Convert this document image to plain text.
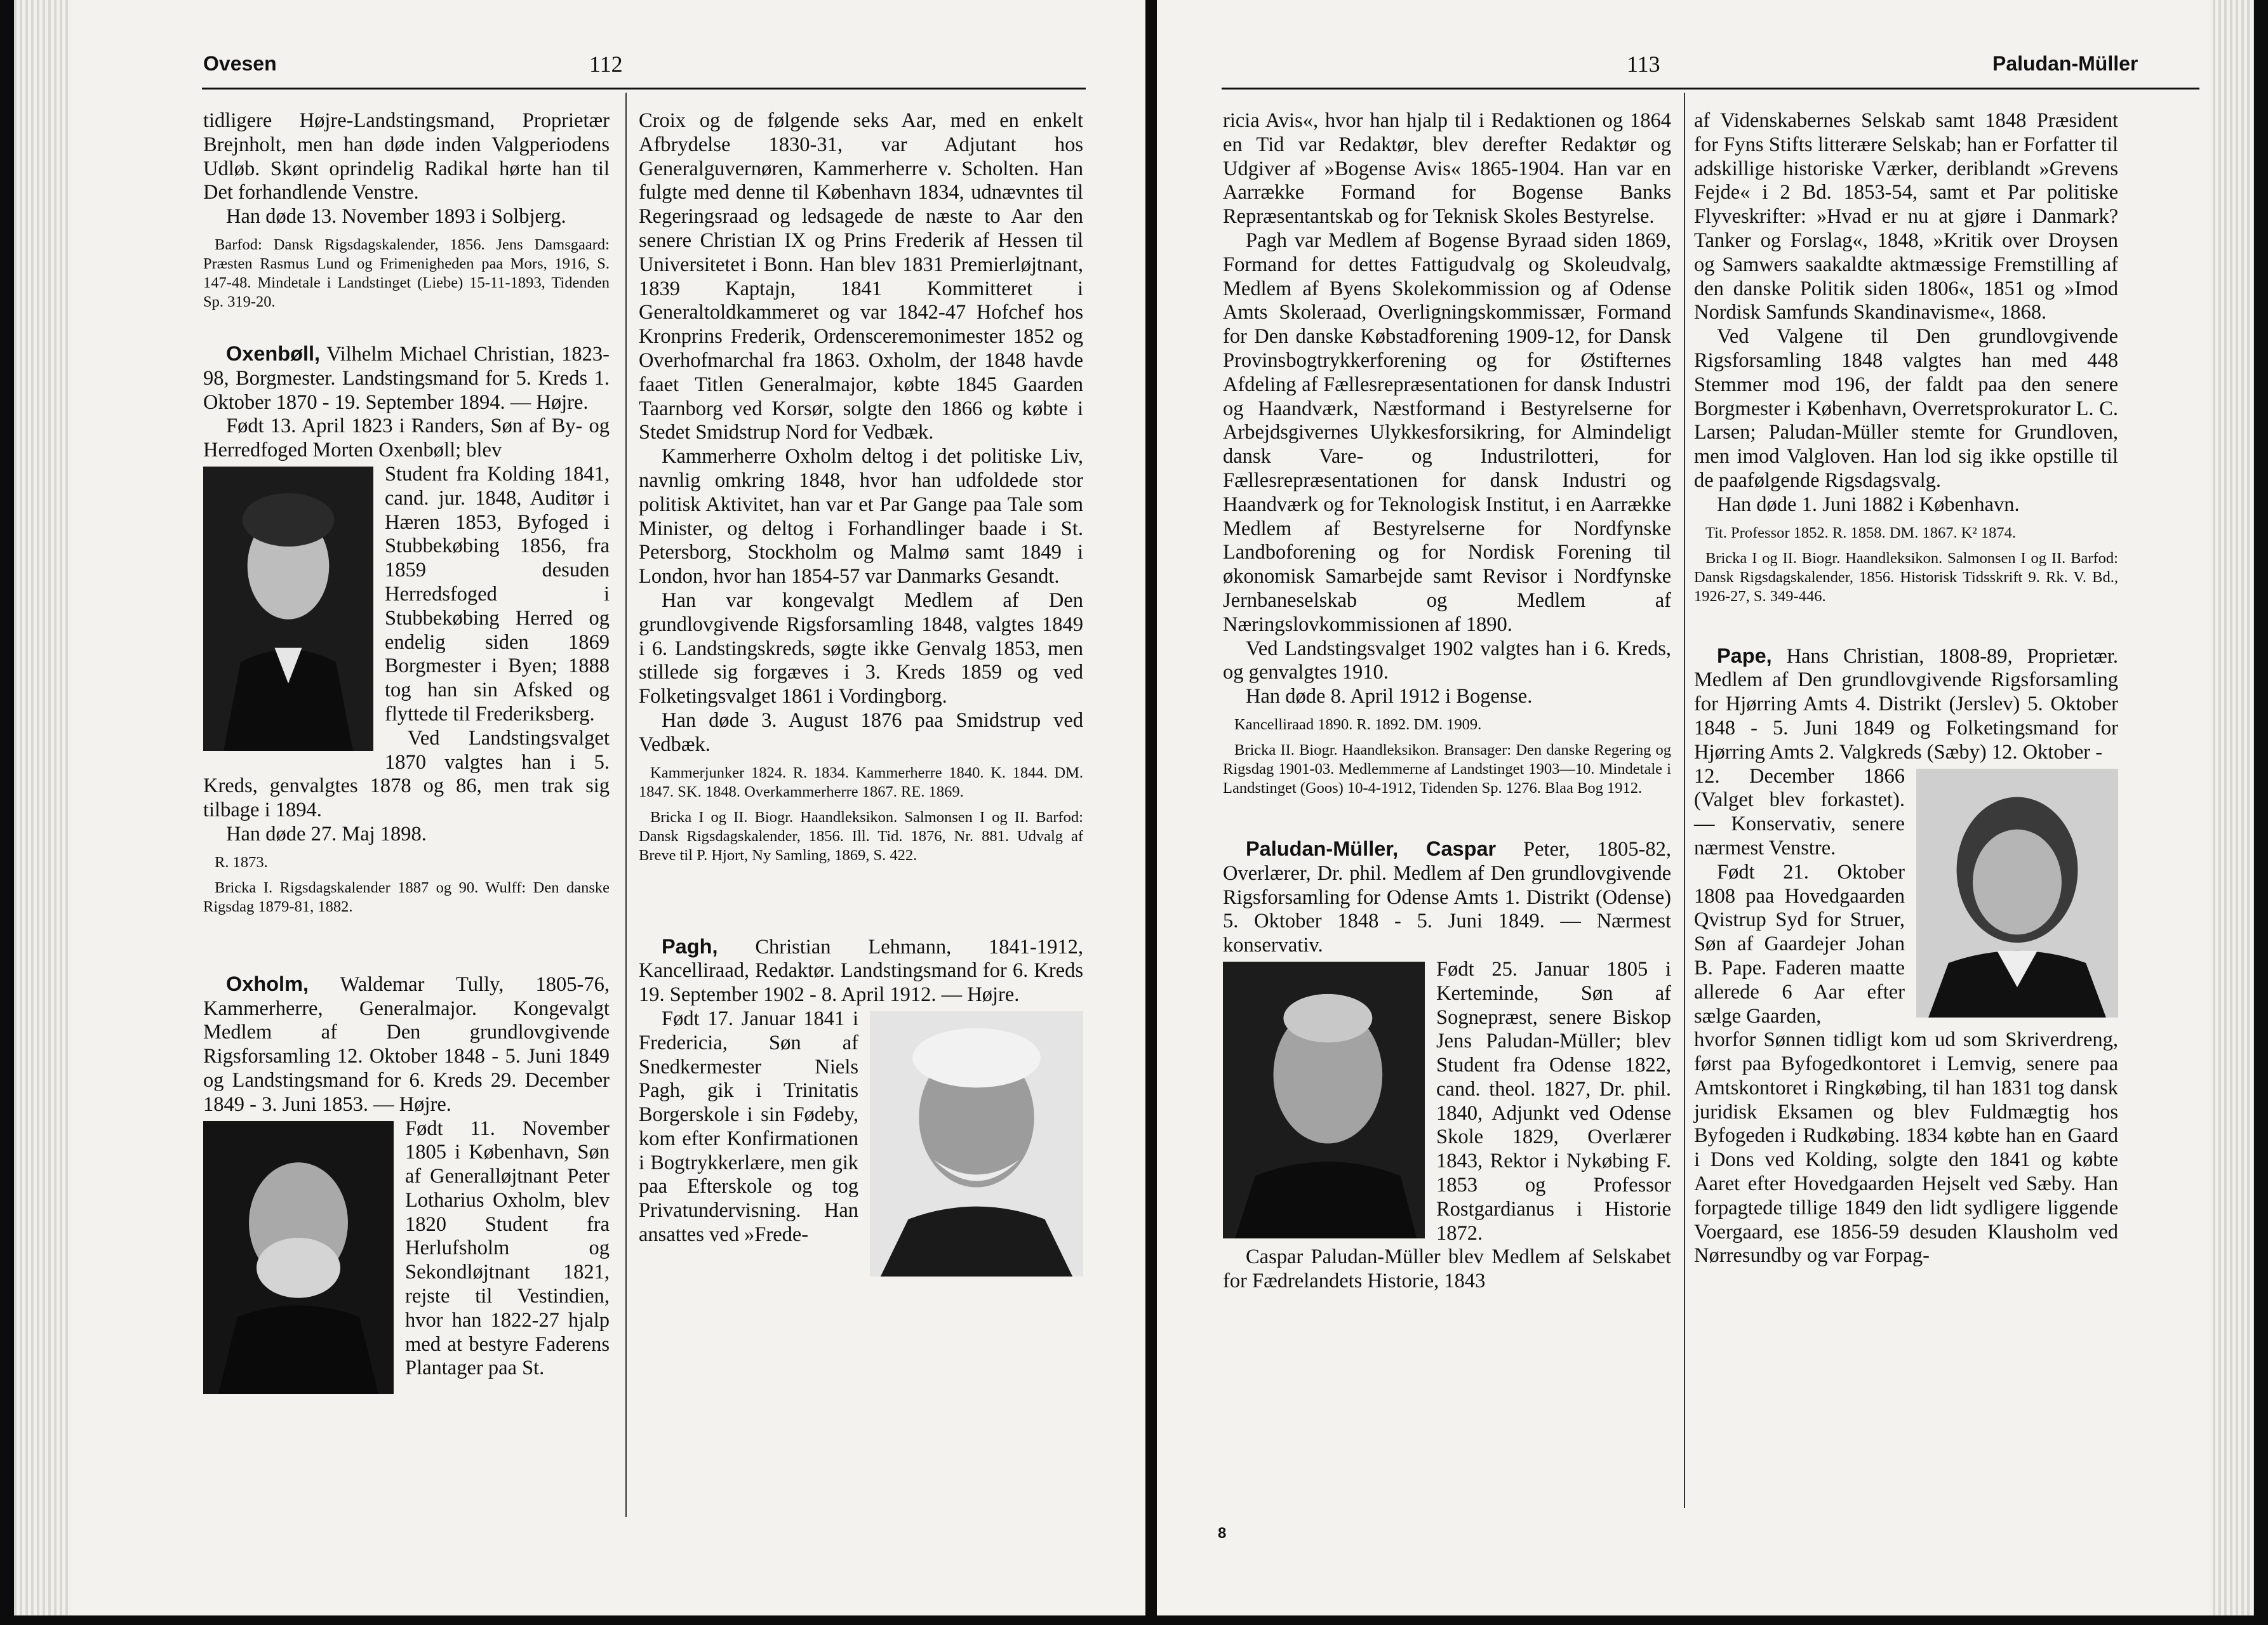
Ovesen	112

tidligere Højre-Landstingsmand, Proprietær Brejnholt, men han døde inden Valgperiodens Udløb. Skønt oprindelig Radikal hørte han til Det forhandlende Venstre.

Han døde 13. November 1893 i Solbjerg.

Barfod: Dansk Rigsdagskalender, 1856. Jens Damsgaard: Præsten Rasmus Lund og Frimenigheden paa Mors, 1916, S. 147-48. Mindetale i Landstinget (Liebe) 15-11-1893, Tidenden Sp. 319-20.

Oxenbøll, Vilhelm Michael Christian, 1823-98, Borgmester. Landstingsmand for 5. Kreds 1. Oktober 1870 - 19. September 1894. — Højre.

Født 13. April 1823 i Randers, Søn af By- og Herredfoged Morten Oxenbøll; blev

Student fra Kolding 1841, cand. jur. 1848, Auditør i Hæren 1853, Byfoged i Stubbekøbing 1856, fra 1859 desuden Herredsfoged i Stubbekøbing Herred og endelig siden 1869 Borgmester i Byen; 1888 tog han sin Afsked og flyttede til Frederiksberg.

Ved Landstingsvalget 1870 valgtes han i 5. Kreds, genvalgtes 1878 og 86, men trak sig tilbage i 1894.

Han døde 27. Maj 1898.

R. 1873.

Bricka I. Rigsdagskalender 1887 og 90. Wulff: Den danske Rigsdag 1879-81, 1882.

Oxholm, Waldemar Tully, 1805-76, Kammerherre, Generalmajor. Kongevalgt Medlem af Den grundlovgivende Rigsforsamling 12. Oktober 1848 - 5. Juni 1849 og Landstingsmand for 6. Kreds 29. December 1849 - 3. Juni 1853. — Højre.

Født 11. November 1805 i København, Søn af Generalløjtnant Peter Lotharius Oxholm, blev 1820 Student fra Herlufsholm og Sekondløjtnant 1821, rejste til Vestindien, hvor han 1822-27 hjalp med at bestyre Faderens Plantager paa St.

Croix og de følgende seks Aar, med en enkelt Afbrydelse 1830-31, var Adjutant hos Generalguvernøren, Kammerherre v. Scholten. Han fulgte med denne til København 1834, udnævntes til Regeringsraad og ledsagede de næste to Aar den senere Christian IX og Prins Frederik af Hessen til Universitetet i Bonn. Han blev 1831 Premierløjtnant, 1839 Kaptajn, 1841 Kommitteret i Generaltoldkammeret og var 1842-47 Hofchef hos Kronprins Frederik, Ordensceremonimester 1852 og Overhofmarchal fra 1863. Oxholm, der 1848 havde faaet Titlen Generalmajor, købte 1845 Gaarden Taarnborg ved Korsør, solgte den 1866 og købte i Stedet Smidstrup Nord for Vedbæk.

Kammerherre Oxholm deltog i det politiske Liv, navnlig omkring 1848, hvor han udfoldede stor politisk Aktivitet, han var et Par Gange paa Tale som Minister, og deltog i Forhandlinger baade i St. Petersborg, Stockholm og Malmø samt 1849 i London, hvor han 1854-57 var Danmarks Gesandt.

Han var kongevalgt Medlem af Den grundlovgivende Rigsforsamling 1848, valgtes 1849 i 6. Landstingskreds, søgte ikke Genvalg 1853, men stillede sig forgæves i 3. Kreds 1859 og ved Folketingsvalget 1861 i Vordingborg.

Han døde 3. August 1876 paa Smidstrup ved Vedbæk.

Kammerjunker 1824. R. 1834. Kammerherre 1840. K. 1844. DM. 1847. SK. 1848. Overkammerherre 1867. RE. 1869.

Bricka I og II. Biogr. Haandleksikon. Salmonsen I og II. Barfod: Dansk Rigsdagskalender, 1856. Ill. Tid. 1876, Nr. 881. Udvalg af Breve til P. Hjort, Ny Samling, 1869, S. 422.

Pagh, Christian Lehmann, 1841-1912, Kancelliraad, Redaktør. Landstingsmand for 6. Kreds 19. September 1902 - 8. April 1912. — Højre.

Født 17. Januar 1841 i Fredericia, Søn af Snedkermester Niels Pagh, gik i Trinitatis Borgerskole i sin Fødeby, kom efter Konfirmationen i Bogtrykkerlære, men gik paa Efterskole og tog Privatundervisning. Han ansattes ved »Frede-

113	Paludan-Müller

ricia Avis«, hvor han hjalp til i Redaktionen og 1864 en Tid var Redaktør, blev derefter Redaktør og Udgiver af »Bogense Avis« 1865-1904. Han var en Aarrække Formand for Bogense Banks Repræsentantskab og for Teknisk Skoles Bestyrelse.

Pagh var Medlem af Bogense Byraad siden 1869, Formand for dettes Fattigudvalg og Skoleudvalg, Medlem af Byens Skolekommission og af Odense Amts Skoleraad, Overligningskommissær, Formand for Den danske Købstadforening 1909-12, for Dansk Provinsbogtrykkerforening og for Østifternes Afdeling af Fællesrepræsentationen for dansk Industri og Haandværk, Næstformand i Bestyrelserne for Arbejdsgivernes Ulykkesforsikring, for Almindeligt dansk Vare- og Industrilotteri, for Fællesrepræsentationen for dansk Industri og Haandværk og for Teknologisk Institut, i en Aarrække Medlem af Bestyrelserne for Nordfynske Landboforening og for Nordisk Forening til økonomisk Samarbejde samt Revisor i Nordfynske Jernbaneselskab og Medlem af Næringslovkommissionen af 1890.

Ved Landstingsvalget 1902 valgtes han i 6. Kreds, og genvalgtes 1910.

Han døde 8. April 1912 i Bogense.

Kancelliraad 1890. R. 1892. DM. 1909.

Bricka II. Biogr. Haandleksikon. Bransager: Den danske Regering og Rigsdag 1901-03. Medlemmerne af Landstinget 1903—10. Mindetale i Landstinget (Goos) 10-4-1912, Tidenden Sp. 1276. Blaa Bog 1912.

Paludan-Müller, Caspar Peter, 1805-82, Overlærer, Dr. phil. Medlem af Den grundlovgivende Rigsforsamling for Odense Amts 1. Distrikt (Odense) 5. Oktober 1848 - 5. Juni 1849. — Nærmest konservativ.

Født 25. Januar 1805 i Kerteminde, Søn af Sognepræst, senere Biskop Jens Paludan-Müller; blev Student fra Odense 1822, cand. theol. 1827, Dr. phil. 1840, Adjunkt ved Odense Skole 1829, Overlærer 1843, Rektor i Nykøbing F. 1853 og Professor Rostgardianus i Historie 1872.

Caspar Paludan-Müller blev Medlem af Selskabet for Fædrelandets Historie, 1843

af Videnskabernes Selskab samt 1848 Præsident for Fyns Stifts litterære Selskab; han er Forfatter til adskillige historiske Værker, deriblandt »Grevens Fejde« i 2 Bd. 1853-54, samt et Par politiske Flyveskrifter: »Hvad er nu at gjøre i Danmark? Tanker og Forslag«, 1848, »Kritik over Droysen og Samwers saakaldte aktmæssige Fremstilling af den danske Politik siden 1806«, 1851 og »Imod Nordisk Samfunds Skandinavisme«, 1868.

Ved Valgene til Den grundlovgivende Rigsforsamling 1848 valgtes han med 448 Stemmer mod 196, der faldt paa den senere Borgmester i København, Overretsprokurator L. C. Larsen; Paludan-Müller stemte for Grundloven, men imod Valgloven. Han lod sig ikke opstille til de paafølgende Rigsdagsvalg.

Han døde 1. Juni 1882 i København.

Tit. Professor 1852. R. 1858. DM. 1867. K² 1874.

Bricka I og II. Biogr. Haandleksikon. Salmonsen I og II. Barfod: Dansk Rigsdagskalender, 1856. Historisk Tidsskrift 9. Rk. V. Bd., 1926-27, S. 349-446.

Pape, Hans Christian, 1808-89, Proprietær. Medlem af Den grundlovgivende Rigsforsamling for Hjørring Amts 4. Distrikt (Jerslev) 5. Oktober 1848 - 5. Juni 1849 og Folketingsmand for Hjørring Amts 2. Valgkreds (Sæby) 12. Oktober -

12. December 1866 (Valget blev forkastet). — Konservativ, senere nærmest Venstre.

Født 21. Oktober 1808 paa Hovedgaarden Qvistrup Syd for Struer, Søn af Gaardejer Johan B. Pape. Faderen maatte allerede 6 Aar efter sælge Gaarden,

hvorfor Sønnen tidligt kom ud som Skriverdreng, først paa Byfogedkontoret i Lemvig, senere paa Amtskontoret i Ringkøbing, til han 1831 tog dansk juridisk Eksamen og blev Fuldmægtig hos Byfogeden i Rudkøbing. 1834 købte han en Gaard i Dons ved Kolding, solgte den 1841 og købte Aaret efter Hovedgaarden Hejselt ved Sæby. Han forpagtede tillige 1849 den lidt sydligere liggende Voergaard, ese 1856-59 desuden Klausholm ved Nørresundby og var Forpag-

8
